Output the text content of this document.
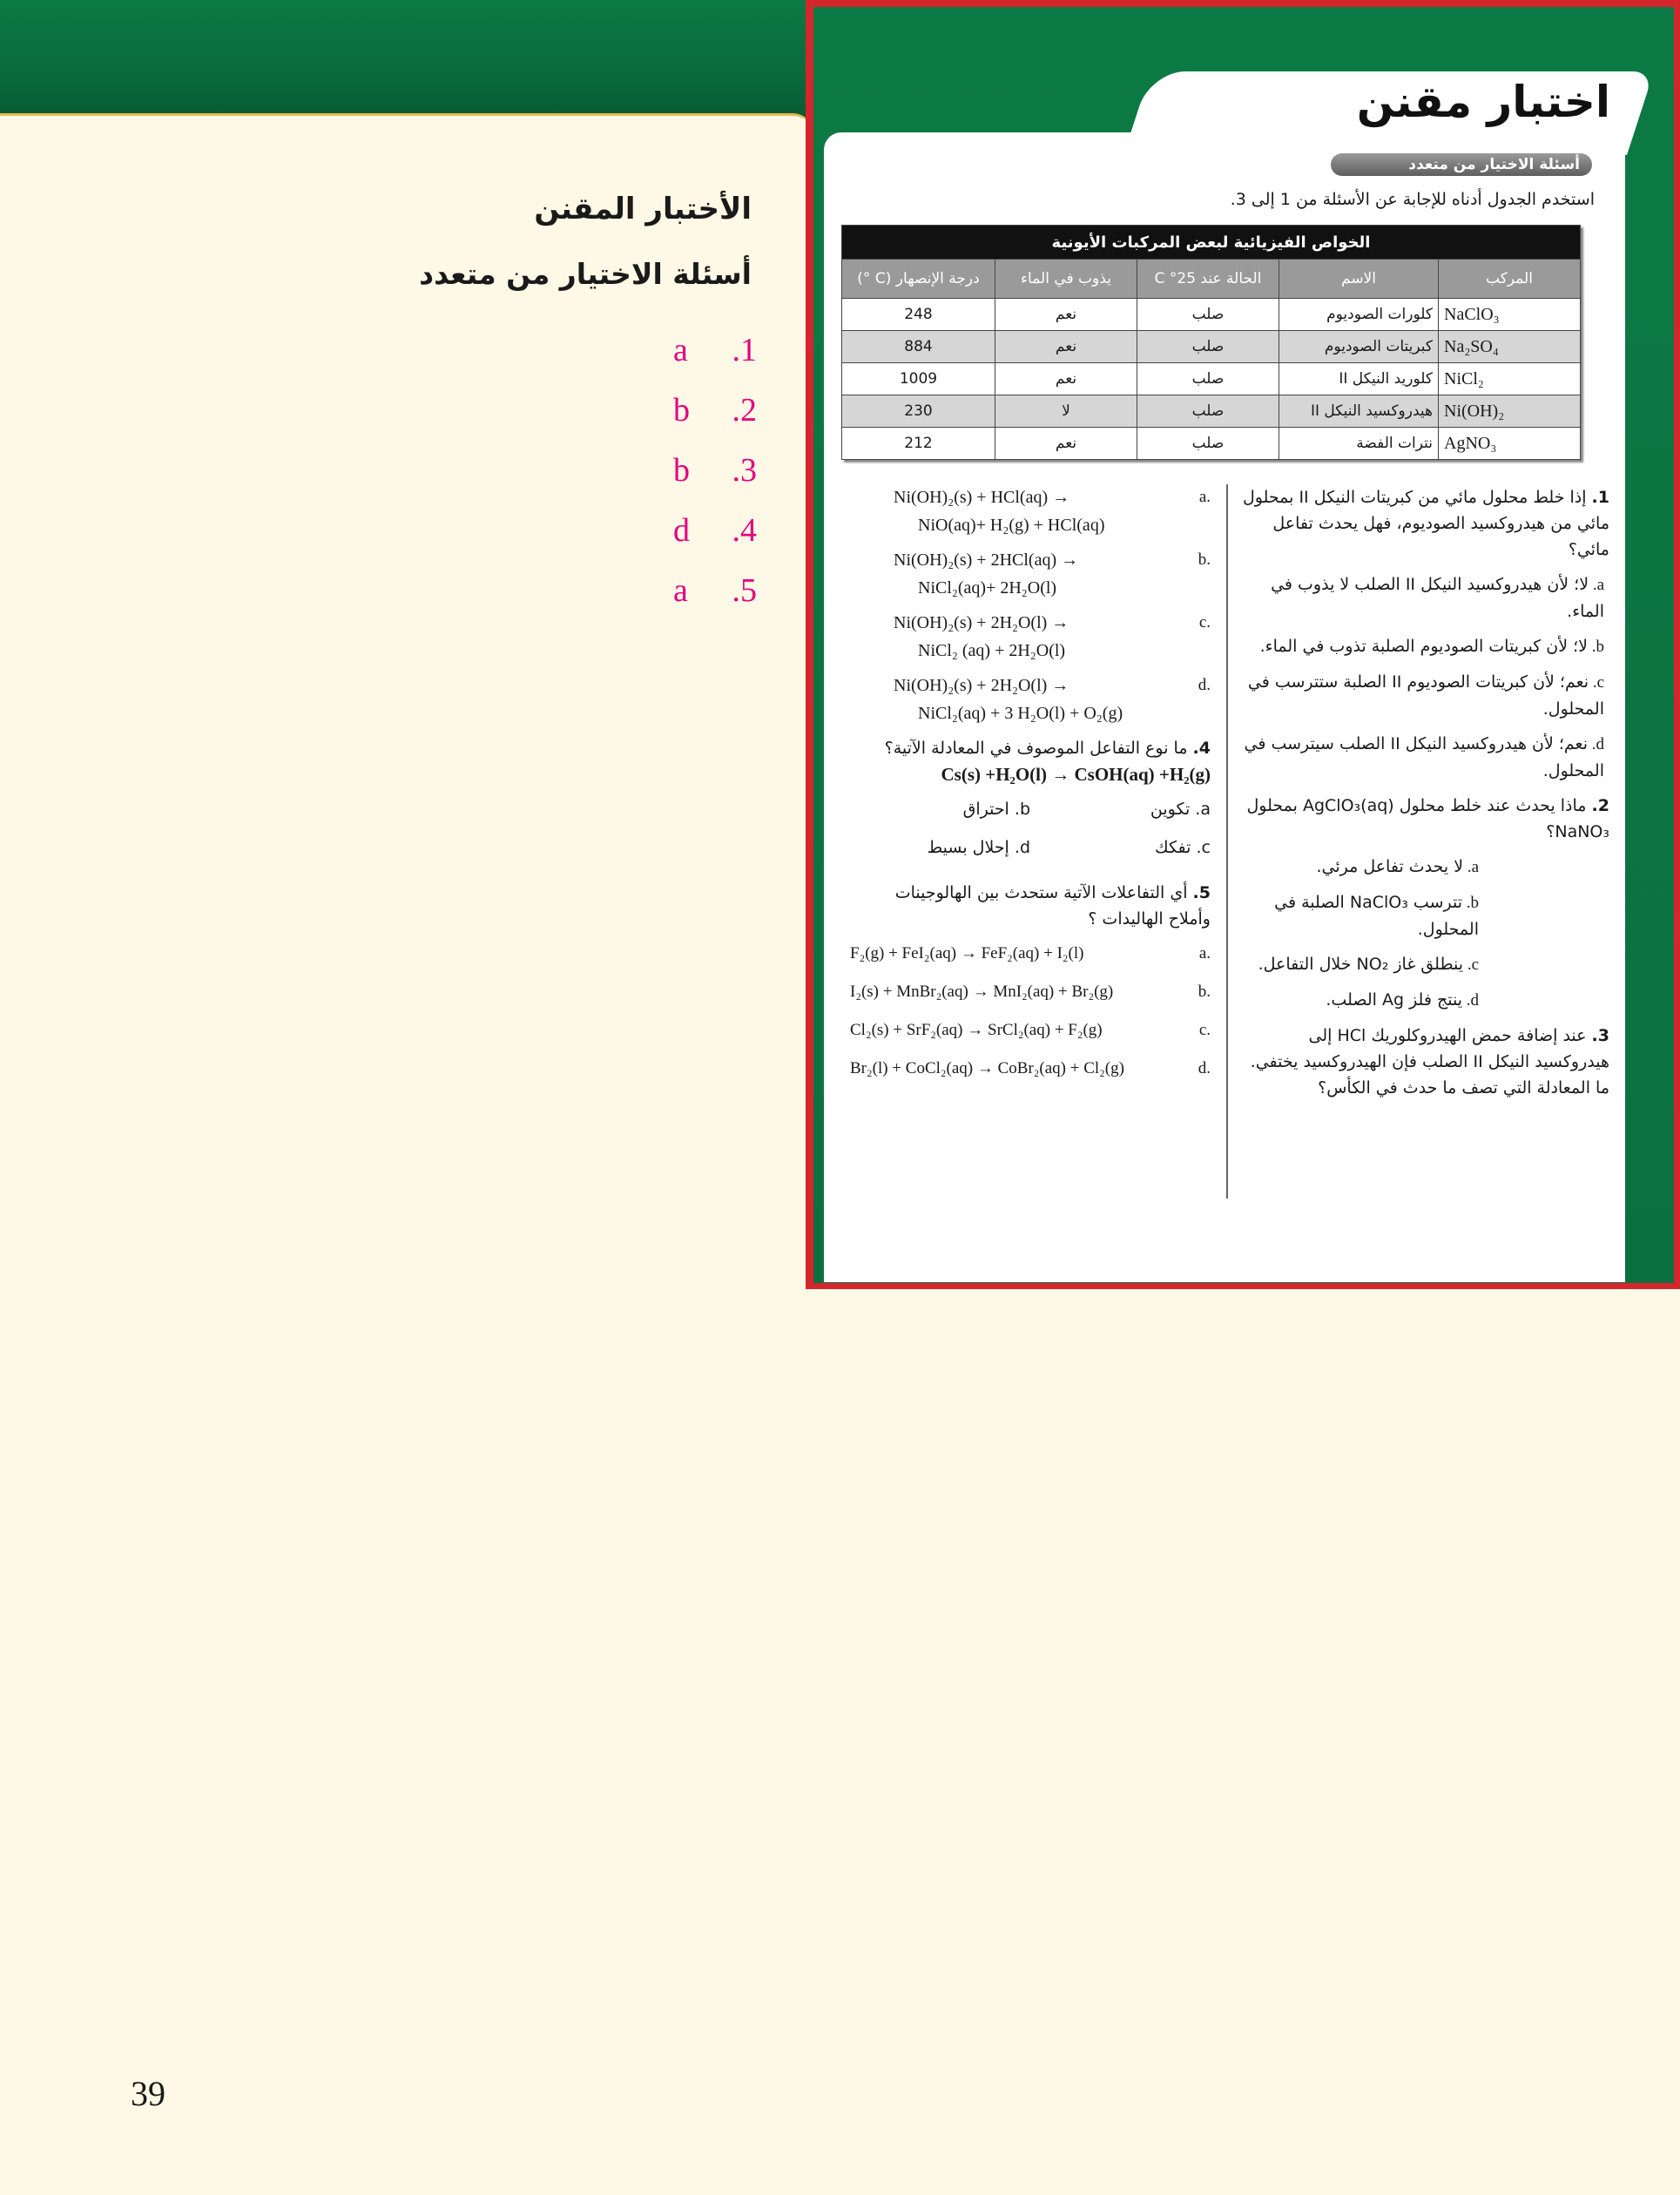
الأختبار المقنن
أسئلة الاختيار من متعدد
a .1
b .2
b .3
d .4
a .5
39
اختبار مقنن
أسئلة الاختيار من متعدد
استخدم الجدول أدناه للإجابة عن الأسئلة من 1 إلى 3.
الخواص الفيزيائية لبعض المركبات الأيونية				
المركب	الاسم	الحالة عند C °25	يذوب في الماء	درجة الإنصهار (C °)
NaClO₃	كلورات الصوديوم	صلب	نعم	248
Na₂SO₄	كبريتات الصوديوم	صلب	نعم	884
NiCl₂	كلوريد النيكل II	صلب	نعم	1009
Ni(OH)₂	هيدروكسيد النيكل II	صلب	لا	230
AgNO₃	نترات الفضة	صلب	نعم	212
1. إذا خلط محلول مائي من كبريتات النيكل II بمحلول مائي من هيدروكسيد الصوديوم، فهل يحدث تفاعل مائي؟
a. لا؛ لأن هيدروكسيد النيكل II الصلب لا يذوب في الماء.
b. لا؛ لأن كبريتات الصوديوم الصلبة تذوب في الماء.
c. نعم؛ لأن كبريتات الصوديوم II الصلبة ستترسب في المحلول.
d. نعم؛ لأن هيدروكسيد النيكل II الصلب سيترسب في المحلول.
2. ماذا يحدث عند خلط محلول AgClO₃(aq) بمحلول NaNO₃؟
a. لا يحدث تفاعل مرئي.
b. تترسب NaClO₃ الصلبة في المحلول.
c. ينطلق غاز NO₂ خلال التفاعل.
d. ينتج فلز Ag الصلب.
3. عند إضافة حمض الهيدروكلوريك HCl إلى هيدروكسيد النيكل II الصلب فإن الهيدروكسيد يختفي. ما المعادلة التي تصف ما حدث في الكأس؟
.a
Ni(OH)₂(s) + HCl(aq) →
NiO(aq)+ H₂(g) + HCl(aq)
.b
Ni(OH)₂(s) + 2HCl(aq) →
NiCl₂(aq)+ 2H₂O(l)
.c
Ni(OH)₂(s) + 2H₂O(l) →
NiCl₂ (aq) + 2H₂O(l)
.d
Ni(OH)₂(s) + 2H₂O(l) →
NiCl₂(aq) + 3 H₂O(l) + O₂(g)
4. ما نوع التفاعل الموصوف في المعادلة الآتية؟
Cs(s) +H₂O(l) → CsOH(aq) +H₂(g)
a. تكوين
b. احتراق
c. تفكك
d. إحلال بسيط
5. أي التفاعلات الآتية ستحدث بين الهالوجينات وأملاح الهاليدات ؟
.a
F₂(g) + FeI₂(aq) → FeF₂(aq) + I₂(l)
.b
I₂(s) + MnBr₂(aq) → MnI₂(aq) + Br₂(g)
.c
Cl₂(s) + SrF₂(aq) → SrCl₂(aq) + F₂(g)
.d
Br₂(l) + CoCl₂(aq) → CoBr₂(aq) + Cl₂(g)
